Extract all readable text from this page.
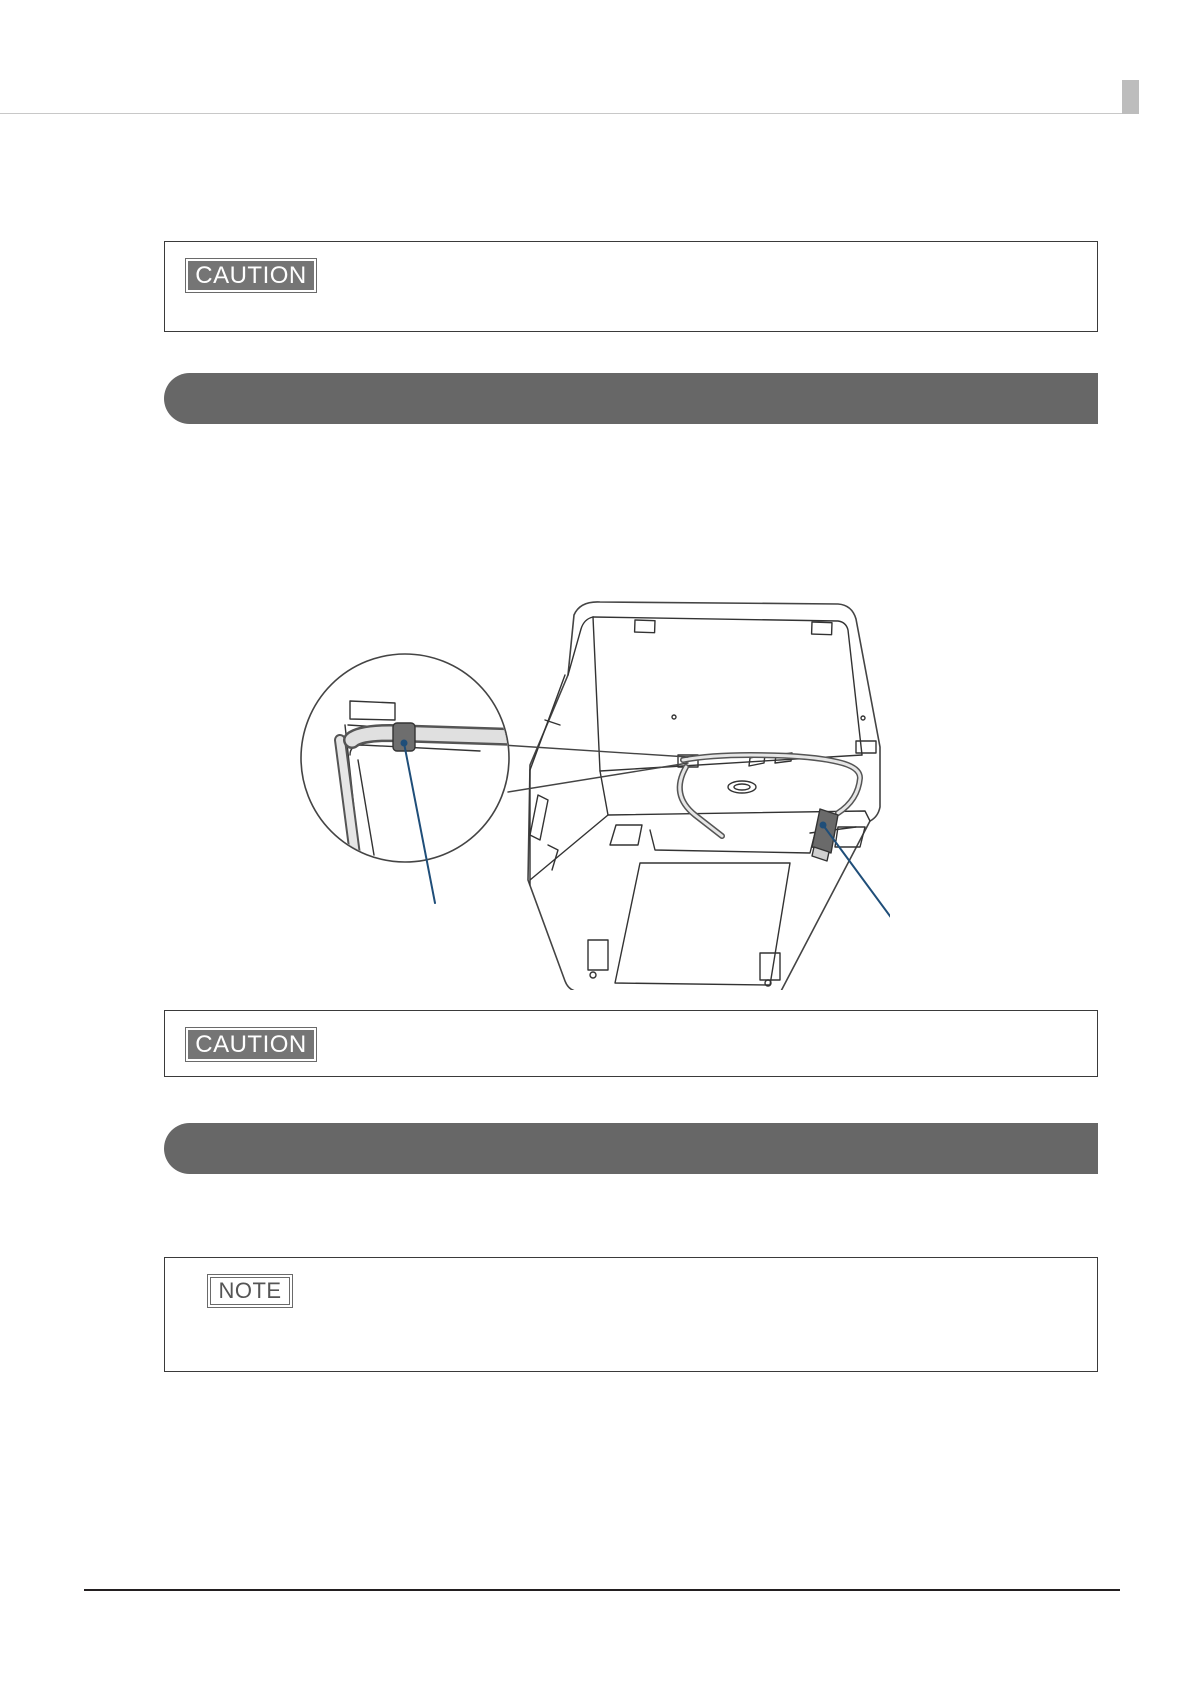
CAUTION
CAUTION
NOTE
